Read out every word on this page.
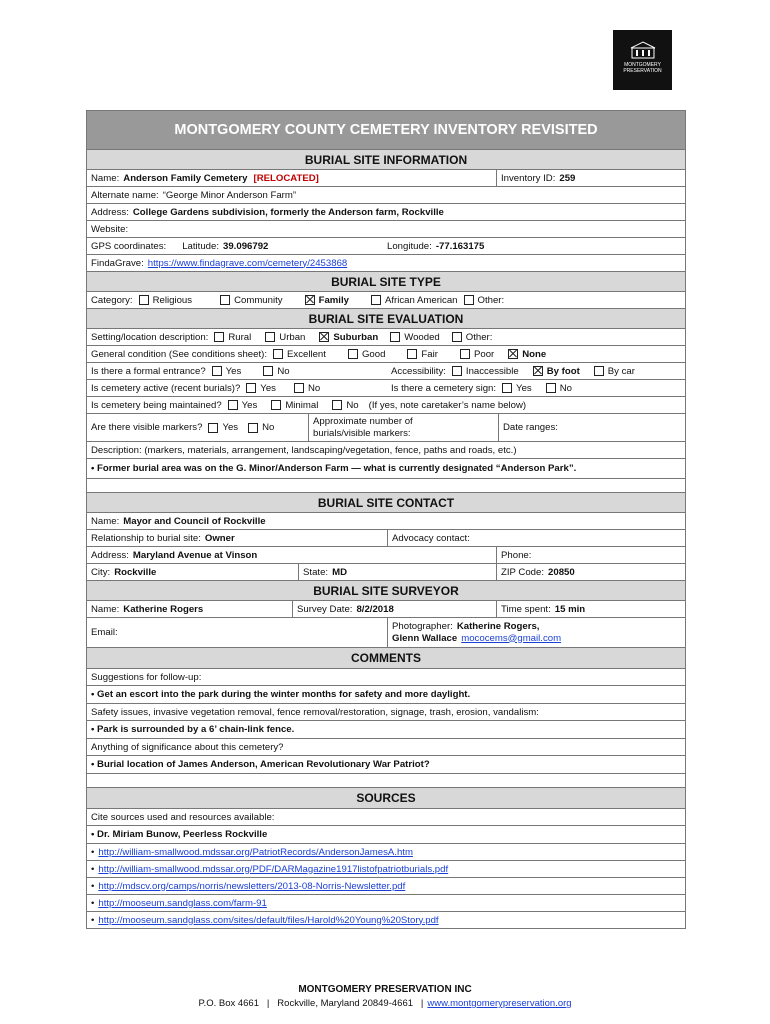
MONTGOMERY
PRESERVATION
MONTGOMERY COUNTY CEMETERY INVENTORY REVISITED
BURIAL SITE INFORMATION
Name: Anderson Family Cemetery [RELOCATED]	Inventory ID: 259
Alternate name: “George Minor Anderson Farm”
Address: College Gardens subdivision, formerly the Anderson farm, Rockville
Website:
GPS coordinates: Latitude: 39.096792	Longitude: -77.163175
FindaGrave: https://www.findagrave.com/cemetery/2453868
BURIAL SITE TYPE
Category: Religious	Community	Family	African American Other:
BURIAL SITE EVALUATION
Setting/location description: Rural	Urban	Suburban	Wooded	Other:
General condition (See conditions sheet): Excellent	Good	Fair	Poor	None
Is there a formal entrance? Yes	No	Accessibility: Inaccessible	By foot	By car
Is cemetery active (recent burials)? Yes	No	Is there a cemetery sign: Yes	No
Is cemetery being maintained? Yes	Minimal	No (If yes, note caretaker’s name below)
Are there visible markers? Yes	No
Approximate number of
burials/visible markers:	Date ranges:
Description: (markers, materials, arrangement, landscaping/vegetation, fence, paths and roads, etc.)
• Former burial area was on the G. Minor/Anderson Farm — what is currently designated “Anderson Park”.
BURIAL SITE CONTACT
Name: Mayor and Council of Rockville
Relationship to burial site: Owner	Advocacy contact:
Address: Maryland Avenue at Vinson	Phone:
City: Rockville	State: MD	ZIP Code: 20850
BURIAL SITE SURVEYOR
Name: Katherine Rogers	Survey Date: 8/2/2018	Time spent: 15 min
Email:
Photographer: Katherine Rogers,
Glenn Wallace mococems@gmail.com
COMMENTS
Suggestions for follow-up:
• Get an escort into the park during the winter months for safety and more daylight.
Safety issues, invasive vegetation removal, fence removal/restoration, signage, trash, erosion, vandalism:
• Park is surrounded by a 6’ chain-link fence.
Anything of significance about this cemetery?
• Burial location of James Anderson, American Revolutionary War Patriot?
SOURCES
Cite sources used and resources available:
• Dr. Miriam Bunow, Peerless Rockville
• http://william-smallwood.mdssar.org/PatriotRecords/AndersonJamesA.htm
• http://william-smallwood.mdssar.org/PDF/DARMagazine1917listofpatriotburials.pdf
• http://mdscv.org/camps/norris/newsletters/2013-08-Norris-Newsletter.pdf
• http://mooseum.sandglass.com/farm-91
• http://mooseum.sandglass.com/sites/default/files/Harold%20Young%20Story.pdf
MONTGOMERY PRESERVATION INC
P.O. Box 4661   |   Rockville, Maryland 20849-4661   | www.montgomerypreservation.org
